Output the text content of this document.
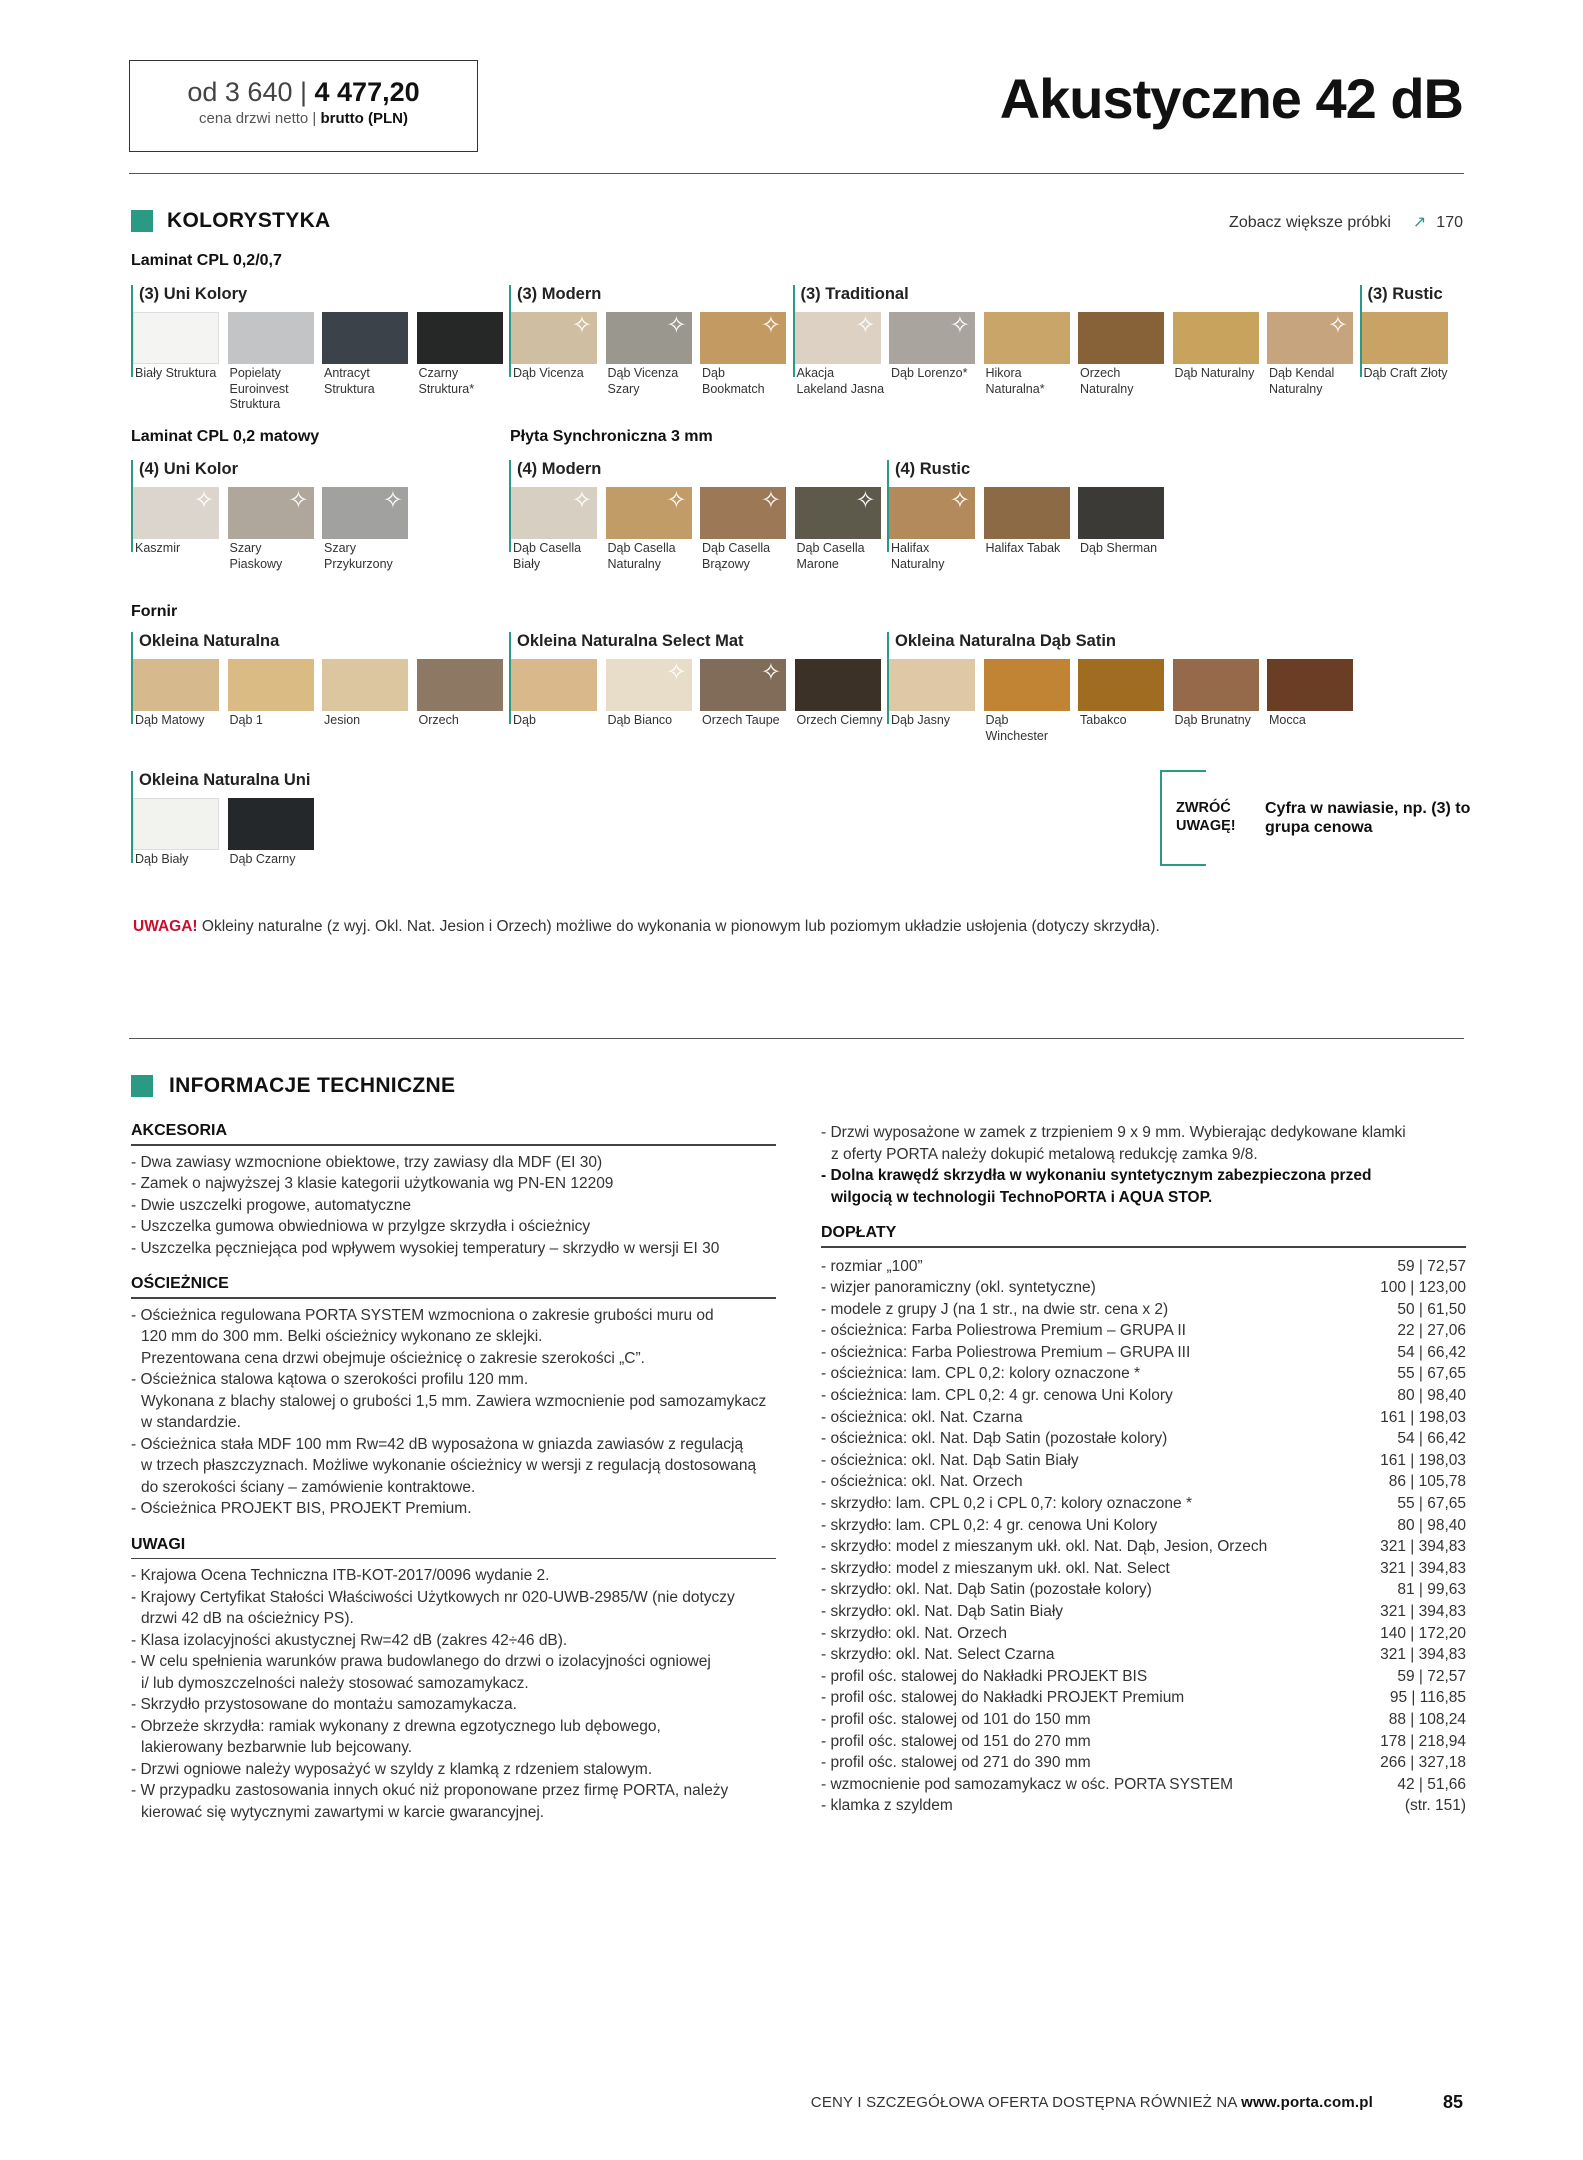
od 3 640 | 4 477,20
cena drzwi netto | brutto (PLN)	Akustyczne 42 dB
KOLORYSTYKA	Zobacz większe próbki ↗ 170
Laminat CPL 0,2/0,7
Laminat CPL 0,2 matowy	Płyta Synchroniczna 3 mm
Fornir
(3) Uni Kolory
Biały Struktura	Popielaty Euroinvest Struktura
Antracyt Struktura
Czarny Struktura*
(3) Modern
✧
Dąb Vicenza
✧
Dąb Vicenza Szary
✧
Dąb Bookmatch
(3) Traditional
✧
Akacja Lakeland Jasna
✧
Dąb Lorenzo*	Hikora Naturalna*
Orzech Naturalny
Dąb Naturalny
✧
Dąb Kendal Naturalny
(3) Rustic
Dąb Craft Złoty
(4) Uni Kolor
✧
Kaszmir
✧
Szary Piaskowy
✧
Szary Przykurzony
(4) Modern
✧
Dąb Casella Biały
✧
Dąb Casella Naturalny
✧
Dąb Casella Brązowy
✧
Dąb Casella Marone
(4) Rustic
✧
Halifax Naturalny
Halifax Tabak	Dąb Sherman
Okleina Naturalna
Dąb Matowy	Dąb 1	Jesion	Orzech
Okleina Naturalna Select Mat
Dąb
✧
Dąb Bianco
✧
Orzech Taupe	Orzech Ciemny
Okleina Naturalna Dąb Satin
Dąb Jasny	Dąb Winchester
Tabakco	Dąb Brunatny	Mocca
Okleina Naturalna Uni
Dąb Biały	Dąb Czarny
ZWRÓĆ UWAGĘ!
Cyfra w nawiasie, np. (3) to grupa cenowa
UWAGA! Okleiny naturalne (z wyj. Okl. Nat. Jesion i Orzech) możliwe do wykonania w pionowym lub poziomym układzie usłojenia (dotyczy skrzydła).
INFORMACJE TECHNICZNE
AKCESORIA
- Dwa zawiasy wzmocnione obiektowe, trzy zawiasy dla MDF (EI 30)
- Zamek o najwyższej 3 klasie kategorii użytkowania wg PN-EN 12209
- Dwie uszczelki progowe, automatyczne
- Uszczelka gumowa obwiedniowa w przylgze skrzydła i ościeżnicy
- Uszczelka pęczniejąca pod wpływem wysokiej temperatury – skrzydło w wersji EI 30
OŚCIEŻNICE
- Ościeżnica regulowana PORTA SYSTEM wzmocniona o zakresie grubości muru od
120 mm do 300 mm. Belki ościeżnicy wykonano ze sklejki.
Prezentowana cena drzwi obejmuje ościeżnicę o zakresie szerokości „C”.
- Ościeżnica stalowa kątowa o szerokości profilu 120 mm.
Wykonana z blachy stalowej o grubości 1,5 mm. Zawiera wzmocnienie pod samozamykacz
w standardzie.
- Ościeżnica stała MDF 100 mm Rw=42 dB wyposażona w gniazda zawiasów z regulacją
w trzech płaszczyznach. Możliwe wykonanie ościeżnicy w wersji z regulacją dostosowaną
do szerokości ściany – zamówienie kontraktowe.
- Ościeżnica PROJEKT BIS, PROJEKT Premium.
UWAGI
- Krajowa Ocena Techniczna ITB-KOT-2017/0096 wydanie 2.
- Krajowy Certyfikat Stałości Właściwości Użytkowych nr 020-UWB-2985/W (nie dotyczy
drzwi 42 dB na ościeżnicy PS).
- Klasa izolacyjności akustycznej Rw=42 dB (zakres 42÷46 dB).
- W celu spełnienia warunków prawa budowlanego do drzwi o izolacyjności ogniowej
i/ lub dymoszczelności należy stosować samozamykacz.
- Skrzydło przystosowane do montażu samozamykacza.
- Obrzeże skrzydła: ramiak wykonany z drewna egzotycznego lub dębowego,
lakierowany bezbarwnie lub bejcowany.
- Drzwi ogniowe należy wyposażyć w szyldy z klamką z rdzeniem stalowym.
- W przypadku zastosowania innych okuć niż proponowane przez firmę PORTA, należy
kierować się wytycznymi zawartymi w karcie gwarancyjnej.
- Drzwi wyposażone w zamek z trzpieniem 9 x 9 mm. Wybierając dedykowane klamki
z oferty PORTA należy dokupić metalową redukcję zamka 9/8.
- Dolna krawędź skrzydła w wykonaniu syntetycznym zabezpieczona przed
wilgocią w technologii TechnoPORTA i AQUA STOP.
DOPŁATY
- rozmiar „100”	59 | 72,57
- wizjer panoramiczny (okl. syntetyczne)	100 | 123,00
- modele z grupy J (na 1 str., na dwie str. cena x 2)	50 | 61,50
- ościeżnica: Farba Poliestrowa Premium – GRUPA II	22 | 27,06
- ościeżnica: Farba Poliestrowa Premium – GRUPA III	54 | 66,42
- ościeżnica: lam. CPL 0,2: kolory oznaczone *	55 | 67,65
- ościeżnica: lam. CPL 0,2: 4 gr. cenowa Uni Kolory	80 | 98,40
- ościeżnica: okl. Nat. Czarna	161 | 198,03
- ościeżnica: okl. Nat. Dąb Satin (pozostałe kolory)	54 | 66,42
- ościeżnica: okl. Nat. Dąb Satin Biały	161 | 198,03
- ościeżnica: okl. Nat. Orzech	86 | 105,78
- skrzydło: lam. CPL 0,2 i CPL 0,7: kolory oznaczone *	55 | 67,65
- skrzydło: lam. CPL 0,2: 4 gr. cenowa Uni Kolory	80 | 98,40
- skrzydło: model z mieszanym ukł. okl. Nat. Dąb, Jesion, Orzech	321 | 394,83
- skrzydło: model z mieszanym ukł. okl. Nat. Select	321 | 394,83
- skrzydło: okl. Nat. Dąb Satin (pozostałe kolory)	81 | 99,63
- skrzydło: okl. Nat. Dąb Satin Biały	321 | 394,83
- skrzydło: okl. Nat. Orzech	140 | 172,20
- skrzydło: okl. Nat. Select Czarna	321 | 394,83
- profil ośc. stalowej do Nakładki PROJEKT BIS	59 | 72,57
- profil ośc. stalowej do Nakładki PROJEKT Premium	95 | 116,85
- profil ośc. stalowej od 101 do 150 mm	88 | 108,24
- profil ośc. stalowej od 151 do 270 mm	178 | 218,94
- profil ośc. stalowej od 271 do 390 mm	266 | 327,18
- wzmocnienie pod samozamykacz w ośc. PORTA SYSTEM	42 | 51,66
- klamka z szyldem	(str. 151)
CENY I SZCZEGÓŁOWA OFERTA DOSTĘPNA RÓWNIEŻ NA www.porta.com.pl	85
